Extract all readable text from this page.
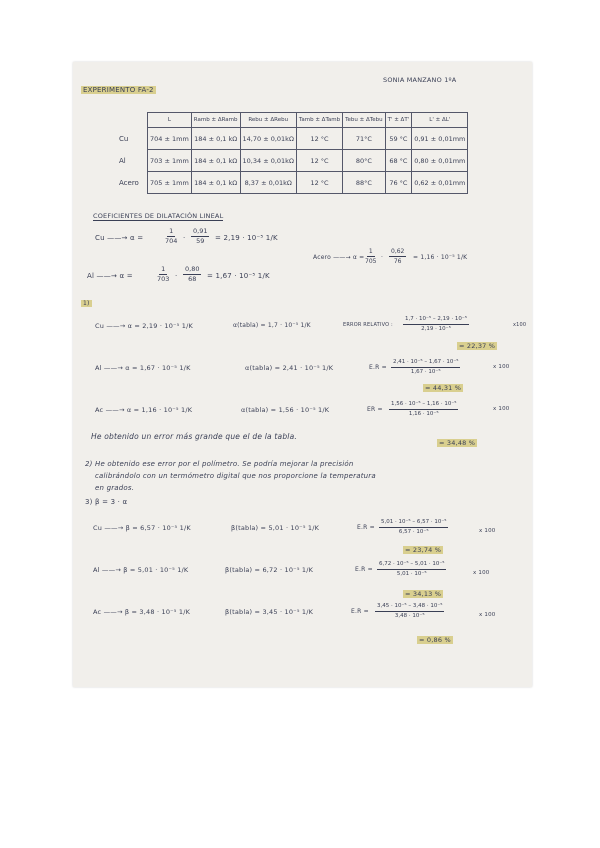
SONIA MANZANO 1ºA
EXPERIMENTO FA-2
	L	Ramb ± ΔRamb	Rebu ± ΔRebu	Tamb ± ΔTamb	Tebu ± ΔTebu	T' ± ΔT'	L' ± ΔL'
Cu	704 ± 1mm	184 ± 0,1 kΩ	14,70 ± 0,01kΩ	12 °C	71°C	59 °C	0,91 ± 0,01mm
Al	703 ± 1mm	184 ± 0,1 kΩ	10,34 ± 0,01kΩ	12 °C	80°C	68 °C	0,80 ± 0,01mm
Acero	705 ± 1mm	184 ± 0,1 kΩ	8,37 ± 0,01kΩ	12 °C	88°C	76 °C	0,62 ± 0,01mm
COEFICIENTES DE DILATACIÓN LINEAL
Cu ——→ α =	$\frac{1}{704} \cdot \frac{0,91}{59} = 2,19 \cdot 10^{-5}$ 1/K
Acero ——→ α =
$\frac{1}{705} \cdot \frac{0,62}{76} = 1,16 \cdot 10^{-5}$ 1/K
Al ——→ α =	$\frac{1}{703} \cdot \frac{0,80}{68} = 1,67 \cdot 10^{-5}$ 1/K
1)
Cu ——→ α = 2,19 · 10⁻⁵ 1/K	α(tabla) = 1,7 · 10⁻⁵ 1/K	ERROR RELATIVO : $\frac{\text{1,7 · 10⁻⁵ – 2,19 · 10⁻⁵}}{\text{2,19 · 10⁻⁵}}$	x100
= 22,37 %
Al ——→ α = 1,67 · 10⁻⁵ 1/K	α(tabla) = 2,41 · 10⁻⁵ 1/K	$E.R = \frac{\text{2,41 · 10⁻⁵ – 1,67 · 10⁻⁵}}{\text{1,67 · 10⁻⁵}}$	x 100
= 44,31 %
Ac ——→ α = 1,16 · 10⁻⁵ 1/K	α(tabla) = 1,56 · 10⁻⁵ 1/K	ER = $\frac{\text{1,56 · 10⁻⁵ – 1,16 · 10⁻⁵}}{\text{1,16 · 10⁻⁵}}$	x 100
He obtenido un error más grande que el de la tabla.
= 34,48 %
2) He obtenido ese error por el polímetro. Se podría mejorar la precisión
calibrándolo con un termómetro digital que nos proporcione la temperatura
en grados.
3) β = 3 · α
Cu ——→ β = 6,57 · 10⁻⁵ 1/K	β(tabla) = 5,01 · 10⁻⁵ 1/K	$E.R = \frac{\text{5,01 · 10⁻⁵ – 6,57 · 10⁻⁵}}{\text{6,57 · 10⁻⁵}}$	x 100
= 23,74 %
Al ——→ β = 5,01 · 10⁻⁵ 1/K	β(tabla) = 6,72 · 10⁻⁵ 1/K	$E.R = \frac{\text{6,72 · 10⁻⁵ – 5,01 · 10⁻⁵}}{\text{5,01 · 10⁻⁵}}$	x 100
= 34,13 %
Ac ——→ β = 3,48 · 10⁻⁵ 1/K	β(tabla) = 3,45 · 10⁻⁵ 1/K	$E.R = \frac{\text{3,45 · 10⁻⁵ – 3,48 · 10⁻⁵}}{\text{3,48 · 10⁻⁵}}$	x 100
= 0,86 %
